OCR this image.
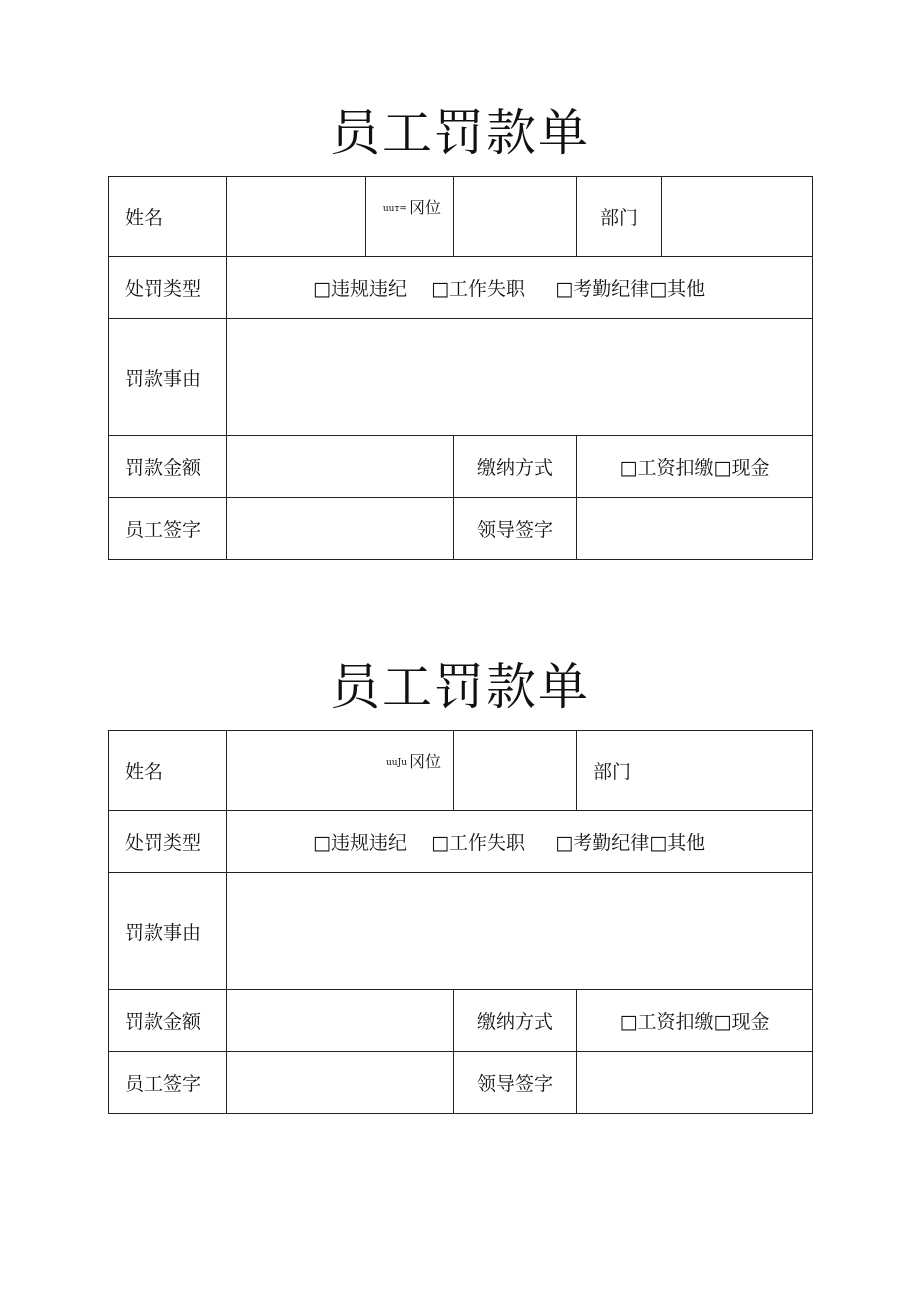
员工罚款单
姓名		uuт= 冈位		部门	
处罚类型	□违规违纪    □工作失职     □考勤纪律□其他				
罚款事由					
罚款金额			缴纳方式	□工资扣缴□现金	
员工签字			领导签字		
员工罚款单
姓名	uuJu 冈位		部门
处罚类型	□违规违纪    □工作失职     □考勤纪律□其他		
罚款事由			
罚款金额		缴纳方式	□工资扣缴□现金
员工签字		领导签字	
